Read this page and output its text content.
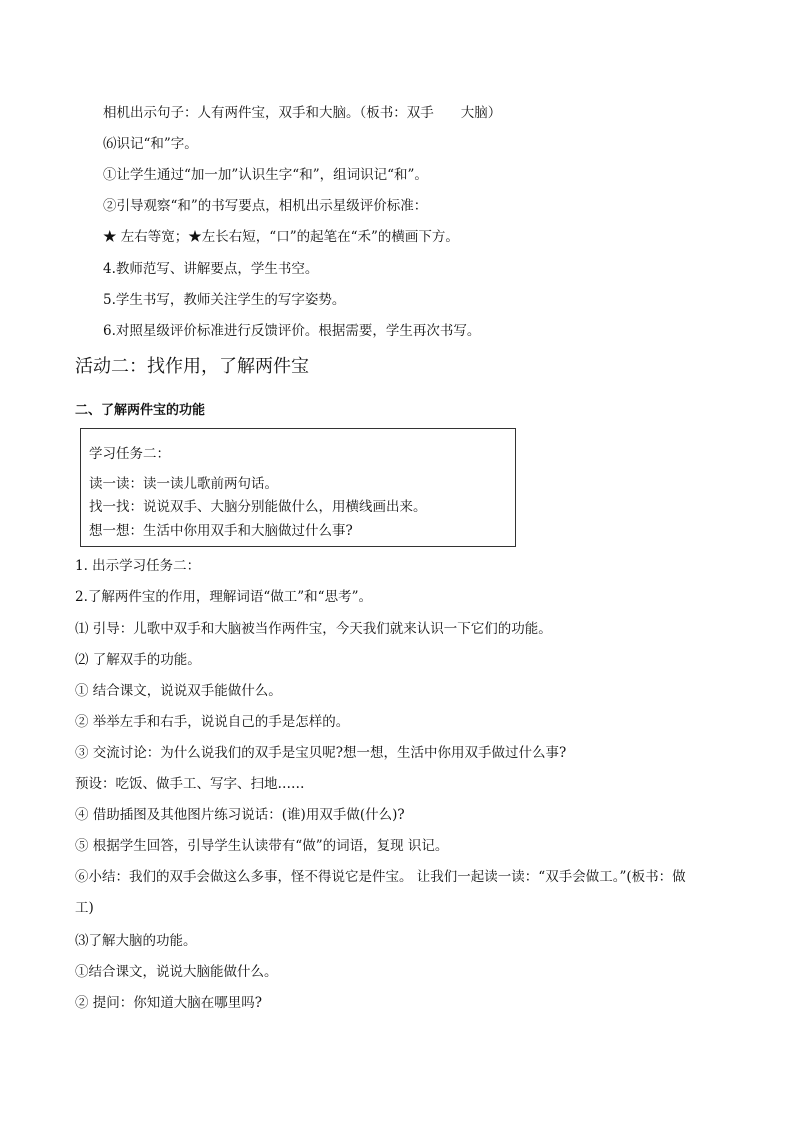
相机出示句子：人有两件宝，双手和大脑。（板书：双手　　大脑）
⑹识记“和”字。
①让学生通过“加一加”认识生字“和”，组词识记“和”。
②引导观察“和”的书写要点，相机出示星级评价标准：
★ 左右等宽；★左长右短，“口”的起笔在“禾”的横画下方。
4.教师范写、讲解要点，学生书空。
5.学生书写，教师关注学生的写字姿势。
6.对照星级评价标准进行反馈评价。根据需要，学生再次书写。
活动二：找作用，了解两件宝
二、了解两件宝的功能
学习任务二：
读一读：读一读儿歌前两句话。
找一找：说说双手、大脑分别能做什么，用横线画出来。
想一想：生活中你用双手和大脑做过什么事?
1. 出示学习任务二：
2.了解两件宝的作用，理解词语“做工”和“思考”。
⑴ 引导：儿歌中双手和大脑被当作两件宝，今天我们就来认识一下它们的功能。
⑵ 了解双手的功能。
① 结合课文，说说双手能做什么。
② 举举左手和右手，说说自己的手是怎样的。
③ 交流讨论：为什么说我们的双手是宝贝呢?想一想，生活中你用双手做过什么事?
预设：吃饭、做手工、写字、扫地……
④ 借助插图及其他图片练习说话：(谁)用双手做(什么)?
⑤ 根据学生回答，引导学生认读带有“做”的词语，复现 识记。
⑥小结：我们的双手会做这么多事，怪不得说它是件宝。 让我们一起读一读：“双手会做工。”(板书：做
工)
⑶了解大脑的功能。
①结合课文，说说大脑能做什么。
② 提问：你知道大脑在哪里吗?
